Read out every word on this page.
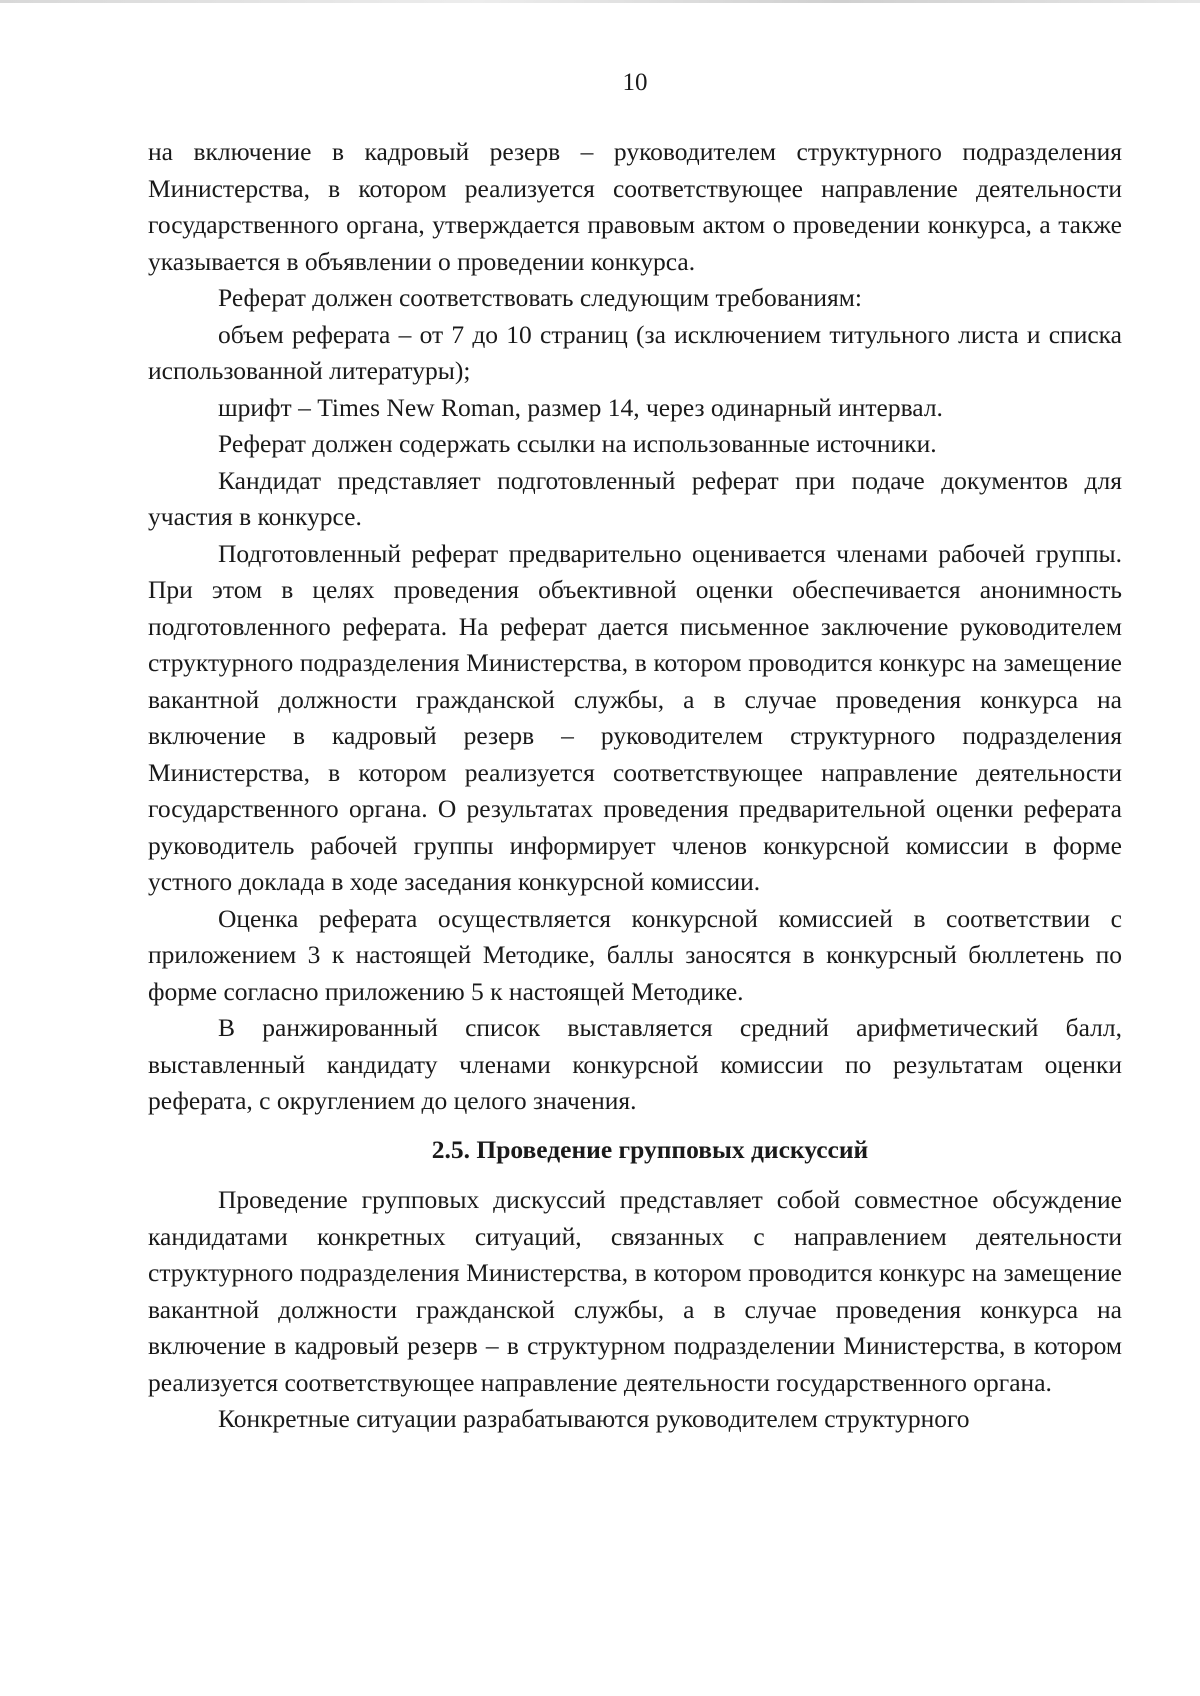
10

на включение в кадровый резерв – руководителем структурного подразделения Министерства, в котором реализуется соответствующее направление деятельности государственного органа, утверждается правовым актом о проведении конкурса, а также указывается в объявлении о проведении конкурса.

Реферат должен соответствовать следующим требованиям:

объем реферата – от 7 до 10 страниц (за исключением титульного листа и списка использованной литературы);

шрифт – Times New Roman, размер 14, через одинарный интервал.

Реферат должен содержать ссылки на использованные источники.

Кандидат представляет подготовленный реферат при подаче документов для участия в конкурсе.

Подготовленный реферат предварительно оценивается членами рабочей группы. При этом в целях проведения объективной оценки обеспечивается анонимность подготовленного реферата. На реферат дается письменное заключение руководителем структурного подразделения Министерства, в котором проводится конкурс на замещение вакантной должности гражданской службы, а в случае проведения конкурса на включение в кадровый резерв – руководителем структурного подразделения Министерства, в котором реализуется соответствующее направление деятельности государственного органа. О результатах проведения предварительной оценки реферата руководитель рабочей группы информирует членов конкурсной комиссии в форме устного доклада в ходе заседания конкурсной комиссии.

Оценка реферата осуществляется конкурсной комиссией в соответствии с приложением 3 к настоящей Методике, баллы заносятся в конкурсный бюллетень по форме согласно приложению 5 к настоящей Методике.

В ранжированный список выставляется средний арифметический балл, выставленный кандидату членами конкурсной комиссии по результатам оценки реферата, с округлением до целого значения.

2.5. Проведение групповых дискуссий

Проведение групповых дискуссий представляет собой совместное обсуждение кандидатами конкретных ситуаций, связанных с направлением деятельности структурного подразделения Министерства, в котором проводится конкурс на замещение вакантной должности гражданской службы, а в случае проведения конкурса на включение в кадровый резерв – в структурном подразделении Министерства, в котором реализуется соответствующее направление деятельности государственного органа.

Конкретные ситуации разрабатываются руководителем структурного
